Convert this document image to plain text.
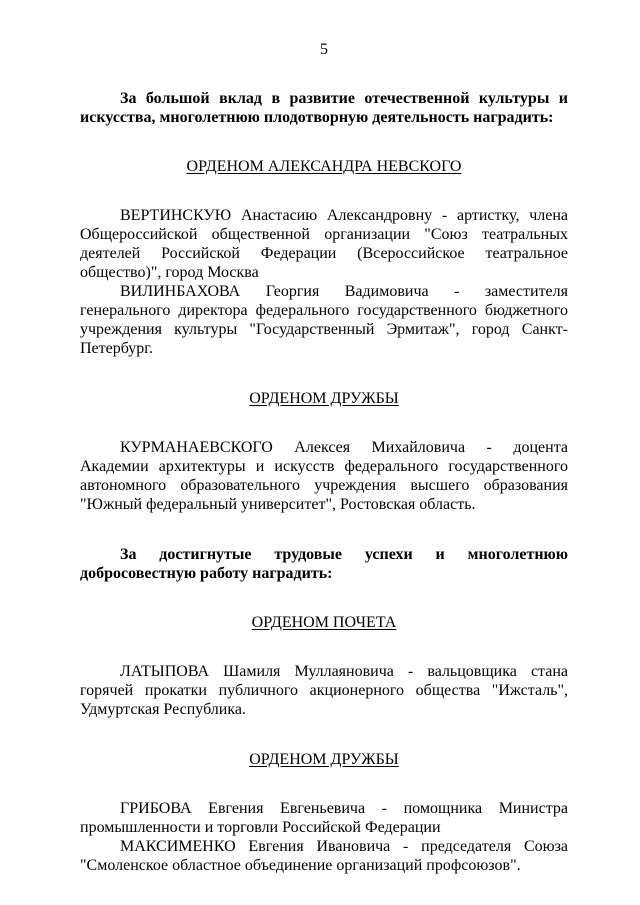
5

За большой вклад в развитие отечественной культуры и искусства, многолетнюю плодотворную деятельность наградить:

ОРДЕНОМ АЛЕКСАНДРА НЕВСКОГО

ВЕРТИНСКУЮ Анастасию Александровну - артистку, члена Общероссийской общественной организации "Союз театральных деятелей Российской Федерации (Всероссийское театральное общество)", город Москва

ВИЛИНБАХОВА Георгия Вадимовича - заместителя генерального директора федерального государственного бюджетного учреждения культуры "Государственный Эрмитаж", город Санкт-Петербург.

ОРДЕНОМ ДРУЖБЫ

КУРМАНАЕВСКОГО Алексея Михайловича - доцента Академии архитектуры и искусств федерального государственного автономного образовательного учреждения высшего образования "Южный федеральный университет", Ростовская область.

За достигнутые трудовые успехи и многолетнюю добросовестную работу наградить:

ОРДЕНОМ ПОЧЕТА

ЛАТЫПОВА Шамиля Муллаяновича - вальцовщика стана горячей прокатки публичного акционерного общества "Ижсталь", Удмуртская Республика.

ОРДЕНОМ ДРУЖБЫ

ГРИБОВА Евгения Евгеньевича - помощника Министра промышленности и торговли Российской Федерации

МАКСИМЕНКО Евгения Ивановича - председателя Союза "Смоленское областное объединение организаций профсоюзов".
